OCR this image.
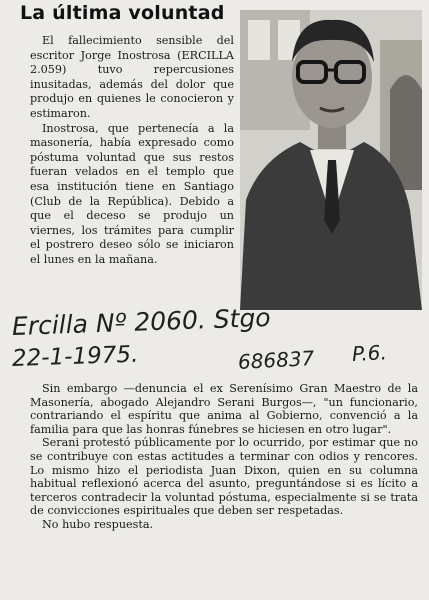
La última voluntad

El fallecimiento sensible del escritor Jorge Inostrosa (ERCILLA 2.059) tuvo repercusiones inusitadas, además del dolor que produjo en quienes le conocieron y estimaron.

Inostrosa, que pertenecía a la masonería, había expresado como póstuma voluntad que sus restos fueran velados en el templo que esa institución tiene en Santiago (Club de la República). Debido a que el deceso se produjo un viernes, los trámites para cumplir el postrero deseo sólo se iniciaron el lunes en la mañana.

Ercilla Nº 2060. Stgo
22-1-1975.	686837 P.6.

Sin embargo —denuncia el ex Serenísimo Gran Maestro de la Masonería, abogado Alejandro Serani Burgos—, "un funcionario, contrariando el espíritu que anima al Gobierno, convenció a la familia para que las honras fúnebres se hiciesen en otro lugar".

Serani protestó públicamente por lo ocurrido, por estimar que no se contribuye con estas actitudes a terminar con odios y rencores. Lo mismo hizo el periodista Juan Dixon, quien en su columna habitual reflexionó acerca del asunto, preguntándose si es lícito a terceros contradecir la voluntad póstuma, especialmente si se trata de convicciones espirituales que deben ser respetadas.

No hubo respuesta.
